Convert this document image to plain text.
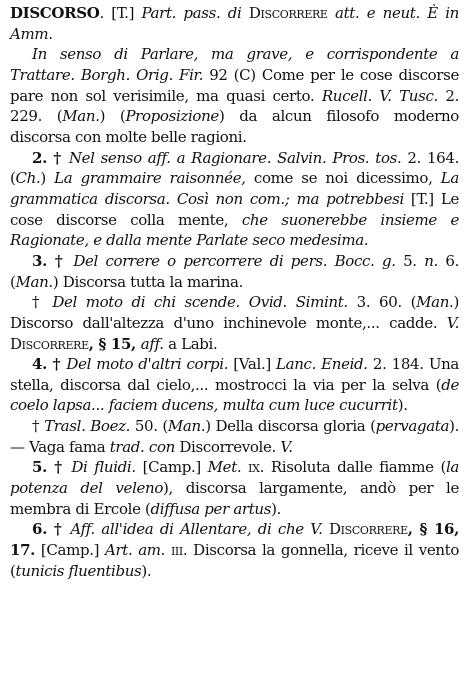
DISCORSO. [T.] Part. pass. di Discorrere att. e neut. È in Amm.

In senso di Parlare, ma grave, e corrispondente a Trattare. Borgh. Orig. Fir. 92 (C) Come per le cose discorse pare non sol verisimile, ma quasi certo. Rucell. V. Tusc. 2. 229. (Man.) (Proposizione) da alcun filosofo moderno discorsa con molte belle ragioni.

2. † Nel senso aff. a Ragionare. Salvin. Pros. tos. 2. 164. (Ch.) La grammaire raisonnée, come se noi dicessimo, La grammatica discorsa. Così non com.; ma potrebbesi [T.] Le cose discorse colla mente, che suonerebbe insieme e Ragionate, e dalla mente Parlate seco medesima.

3. † Del correre o percorrere di pers. Bocc. g. 5. n. 6. (Man.) Discorsa tutta la marina.

† Del moto di chi scende. Ovid. Simint. 3. 60. (Man.) Discorso dall'altezza d'uno inchinevole monte,... cadde. V. Discorrere, § 15, aff. a Labi.

4. † Del moto d'altri corpi. [Val.] Lanc. Eneid. 2. 184. Una stella, discorsa dal cielo,... mostrocci la via per la selva (de coelo lapsa... faciem ducens, multa cum luce cucurrit).

† Trasl. Boez. 50. (Man.) Della discorsa gloria (pervagata). — Vaga fama trad. con Discorrevole. V.

5. † Di fluidi. [Camp.] Met. ix. Risoluta dalle fiamme (la potenza del veleno), discorsa largamente, andò per le membra di Ercole (diffusa per artus).

6. † Aff. all'idea di Allentare, di che V. Discorrere, § 16, 17. [Camp.] Art. am. iii. Discorsa la gonnella, riceve il vento (tunicis fluentibus).
